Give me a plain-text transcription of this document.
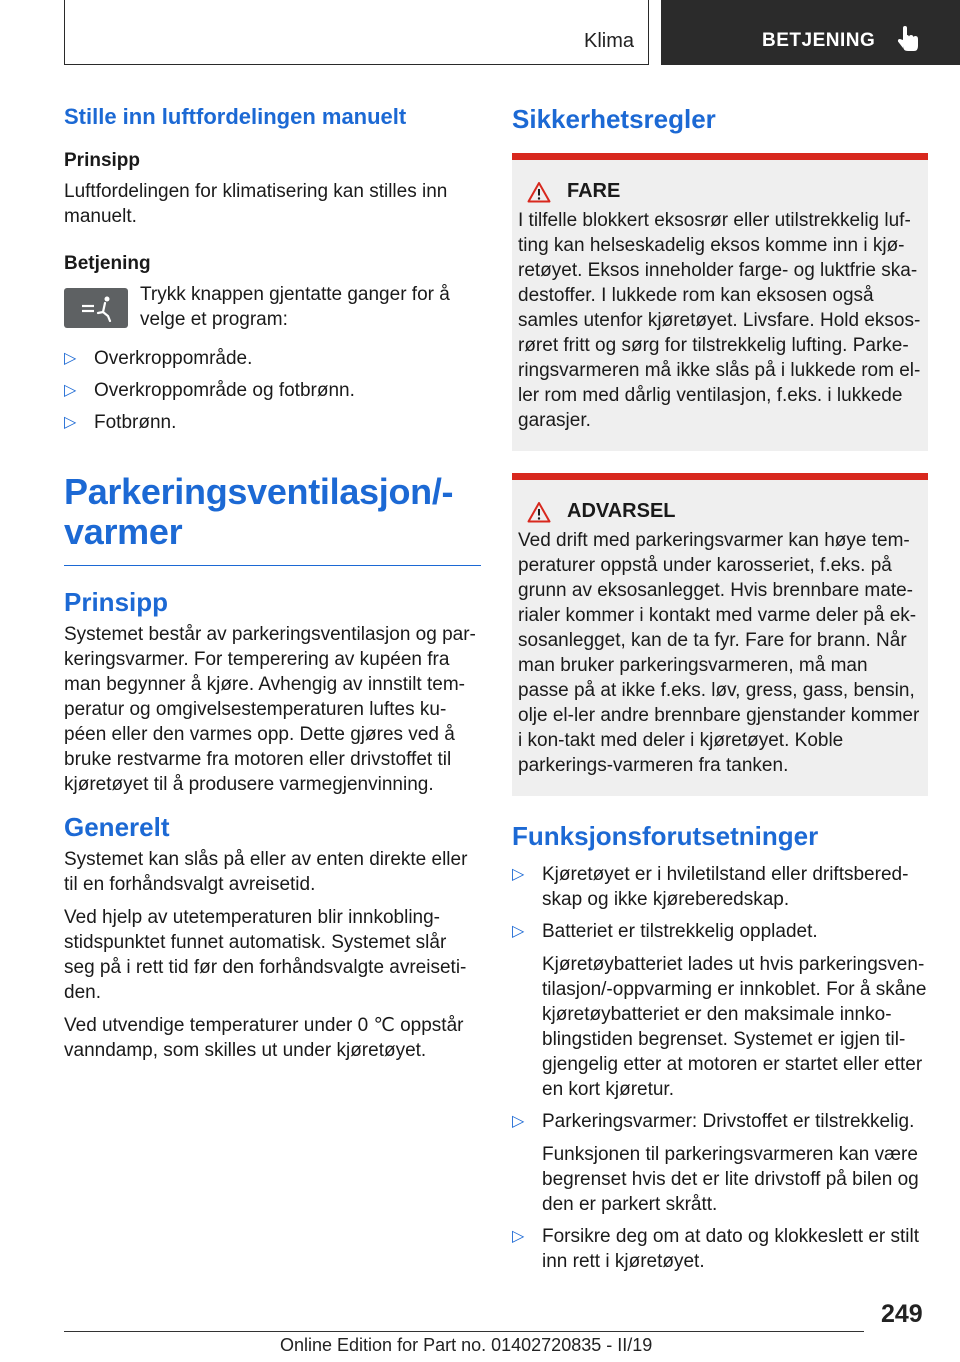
Klima	BETJENING
Stille inn luftfordelingen manuelt
Prinsipp

Luftfordelingen for klimatisering kan stilles inn manuelt.

Betjening
Trykk knappen gjentatte ganger for å velge et program:
▷ Overkroppområde.
▷ Overkroppområde og fotbrønn.
▷ Fotbrønn.
Parkeringsventilasjon/‐
varmer
Prinsipp

Systemet består av parkeringsventilasjon og par‐keringsvarmer. For temperering av kupéen fra man begynner å kjøre. Avhengig av innstilt tem‐peratur og omgivelsestemperaturen luftes ku‐péen eller den varmes opp. Dette gjøres ved å bruke restvarme fra motoren eller drivstoffet til kjøretøyet til å produsere varmegjenvinning.

Generelt

Systemet kan slås på eller av enten direkte eller til en forhåndsvalgt avreisetid.

Ved hjelp av utetemperaturen blir innkobling‐stidspunktet funnet automatisk. Systemet slår seg på i rett tid før den forhåndsvalgte avreiseti‐den.

Ved utvendige temperaturer under 0 ℃ oppstår vanndamp, som skilles ut under kjøretøyet.

Sikkerhetsregler
FARE

I tilfelle blokkert eksosrør eller utilstrekkelig luf‐ting kan helseskadelig eksos komme inn i kjø‐retøyet. Eksos inneholder farge- og luktfrie ska‐destoffer. I lukkede rom kan eksosen også samles utenfor kjøretøyet. Livsfare. Hold eksos‐røret fritt og sørg for tilstrekkelig lufting. Parke‐ringsvarmeren må ikke slås på i lukkede rom el‐ler rom med dårlig ventilasjon, f.eks. i lukkede garasjer.

ADVARSEL

Ved drift med parkeringsvarmer kan høye tem‐peraturer oppstå under karosseriet, f.eks. på grunn av eksosanlegget. Hvis brennbare mate‐rialer kommer i kontakt med varme deler på ek‐sosanlegget, kan de ta fyr. Fare for brann. Når man bruker parkeringsvarmeren, må man passe på at ikke f.eks. løv, gress, gass, bensin, olje el‐ler andre brennbare gjenstander kommer i kon‐takt med deler i kjøretøyet. Koble parkerings‐varmeren fra tanken.

Funksjonsforutsetninger
▷ Kjøretøyet er i hviletilstand eller driftsbered‐skap og ikke kjøreberedskap.
▷ Batteriet er tilstrekkelig oppladet.
Kjøretøybatteriet lades ut hvis parkeringsven‐tilasjon/-oppvarming er innkoblet. For å skåne kjøretøybatteriet er den maksimale innko‐blingstiden begrenset. Systemet er igjen til‐gjengelig etter at motoren er startet eller etter en kort kjøretur.
▷ Parkeringsvarmer: Drivstoffet er tilstrekkelig.
Funksjonen til parkeringsvarmeren kan være begrenset hvis det er lite drivstoff på bilen og den er parkert skrått.
▷ Forsikre deg om at dato og klokkeslett er stilt inn rett i kjøretøyet.
249
Online Edition for Part no. 01402720835 - II/19
